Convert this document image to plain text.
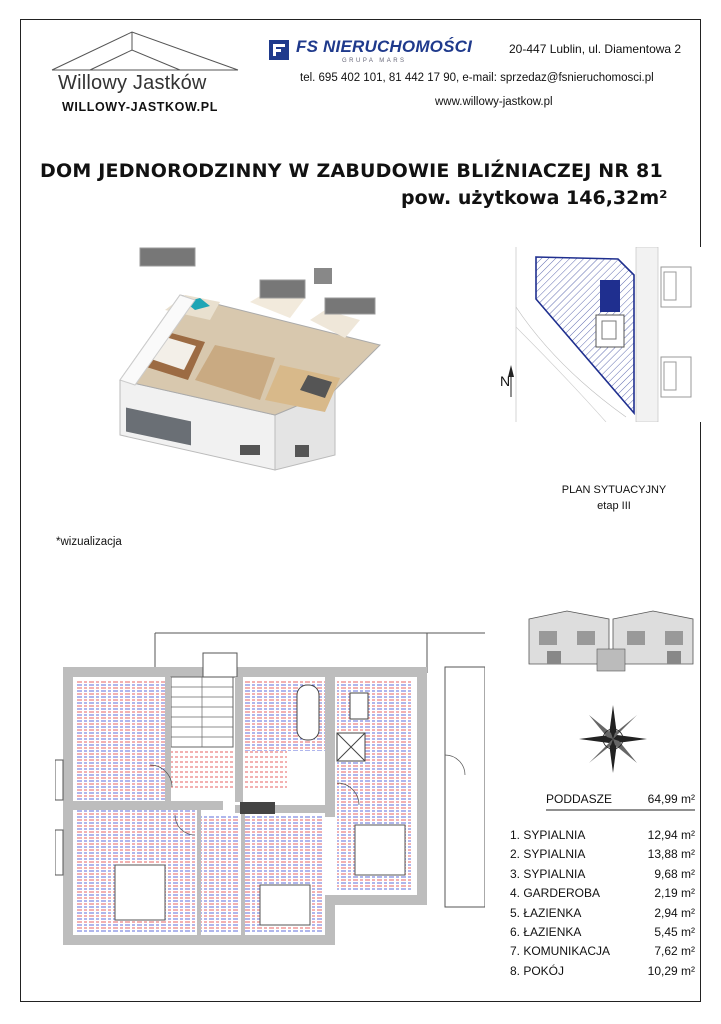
Willowy Jastków
WILLOWY-JASTKOW.PL
FS NIERUCHOMOŚCI
GRUPA MARS
20-447 Lublin, ul. Diamentowa 2
tel. 695 402 101, 81 442 17 90, e-mail: sprzedaz@fsnieruchomosci.pl
www.willowy-jastkow.pl
DOM JEDNORODZINNY W ZABUDOWIE BLIŹNIACZEJ NR 81
pow. użytkowa 146,32m²
*wizualizacja
N
PLAN SYTUACYJNY
etap III
PODDASZE	64,99 m²
1. SYPIALNIA	12,94 m²
2. SYPIALNIA	13,88 m²
3. SYPIALNIA	9,68 m²
4. GARDEROBA	2,19 m²
5. ŁAZIENKA	2,94 m²
6. ŁAZIENKA	5,45 m²
7. KOMUNIKACJA	7,62 m²
8. POKÓJ	10,29 m²
